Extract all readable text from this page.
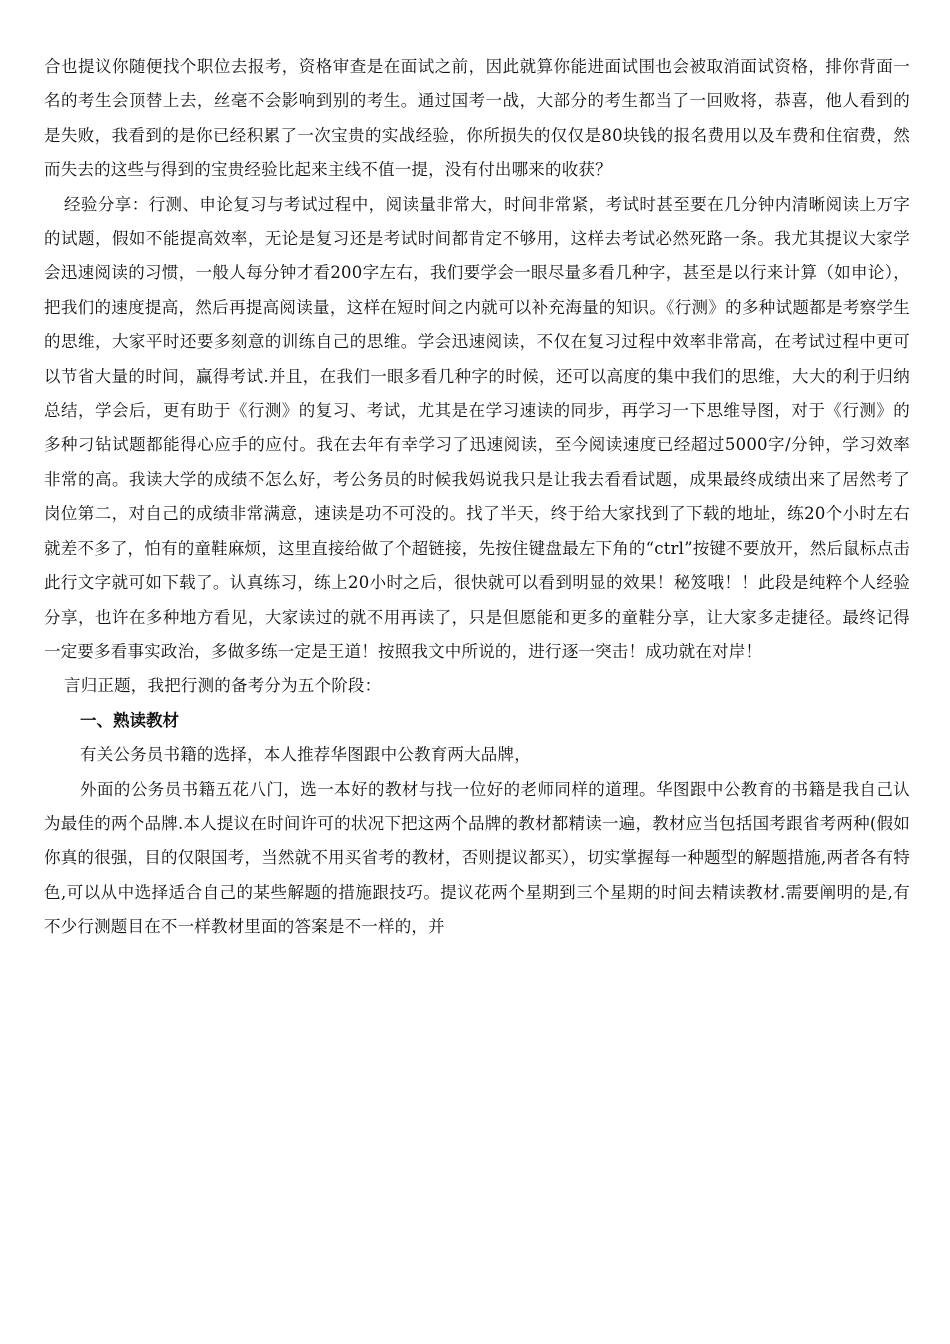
合也提议你随便找个职位去报考，资格审查是在面试之前，因此就算你能进面试围也会被取消面试资格，排你背面一名的考生会顶替上去，丝毫不会影响到别的考生。通过国考一战，大部分的考生都当了一回败将，恭喜，他人看到的是失败，我看到的是你已经积累了一次宝贵的实战经验，你所损失的仅仅是80块钱的报名费用以及车费和住宿费，然而失去的这些与得到的宝贵经验比起来主线不值一提，没有付出哪来的收获？

经验分享：行测、申论复习与考试过程中，阅读量非常大，时间非常紧，考试时甚至要在几分钟内清晰阅读上万字的试题，假如不能提高效率，无论是复习还是考试时间都肯定不够用，这样去考试必然死路一条。我尤其提议大家学会迅速阅读的习惯，一般人每分钟才看200字左右，我们要学会一眼尽量多看几种字，甚至是以行来计算（如申论），把我们的速度提高，然后再提高阅读量，这样在短时间之内就可以补充海量的知识。《行测》的多种试题都是考察学生的思维，大家平时还要多刻意的训练自己的思维。学会迅速阅读，不仅在复习过程中效率非常高，在考试过程中更可以节省大量的时间，赢得考试.并且，在我们一眼多看几种字的时候，还可以高度的集中我们的思维，大大的利于归纳总结，学会后，更有助于《行测》的复习、考试，尤其是在学习速读的同步，再学习一下思维导图，对于《行测》的多种刁钻试题都能得心应手的应付。我在去年有幸学习了迅速阅读，至今阅读速度已经超过5000字/分钟，学习效率非常的高。我读大学的成绩不怎么好，考公务员的时候我妈说我只是让我去看看试题，成果最终成绩出来了居然考了岗位第二，对自己的成绩非常满意，速读是功不可没的。找了半天，终于给大家找到了下载的地址，练20个小时左右就差不多了，怕有的童鞋麻烦，这里直接给做了个超链接，先按住键盘最左下角的“ctrl”按键不要放开，然后鼠标点击此行文字就可如下载了。认真练习，练上20小时之后，很快就可以看到明显的效果！秘笈哦！！此段是纯粹个人经验分享，也许在多种地方看见，大家读过的就不用再读了，只是但愿能和更多的童鞋分享，让大家多走捷径。最终记得一定要多看事实政治，多做多练一定是王道！按照我文中所说的，进行逐一突击！成功就在对岸！

言归正题，我把行测的备考分为五个阶段：

一、熟读教材

有关公务员书籍的选择，本人推荐华图跟中公教育两大品牌，

外面的公务员书籍五花八门，选一本好的教材与找一位好的老师同样的道理。华图跟中公教育的书籍是我自己认为最佳的两个品牌.本人提议在时间许可的状况下把这两个品牌的教材都精读一遍，教材应当包括国考跟省考两种(假如你真的很强，目的仅限国考，当然就不用买省考的教材，否则提议都买），切实掌握每一种题型的解题措施,两者各有特色,可以从中选择适合自己的某些解题的措施跟技巧。提议花两个星期到三个星期的时间去精读教材.需要阐明的是,有不少行测题目在不一样教材里面的答案是不一样的，并
